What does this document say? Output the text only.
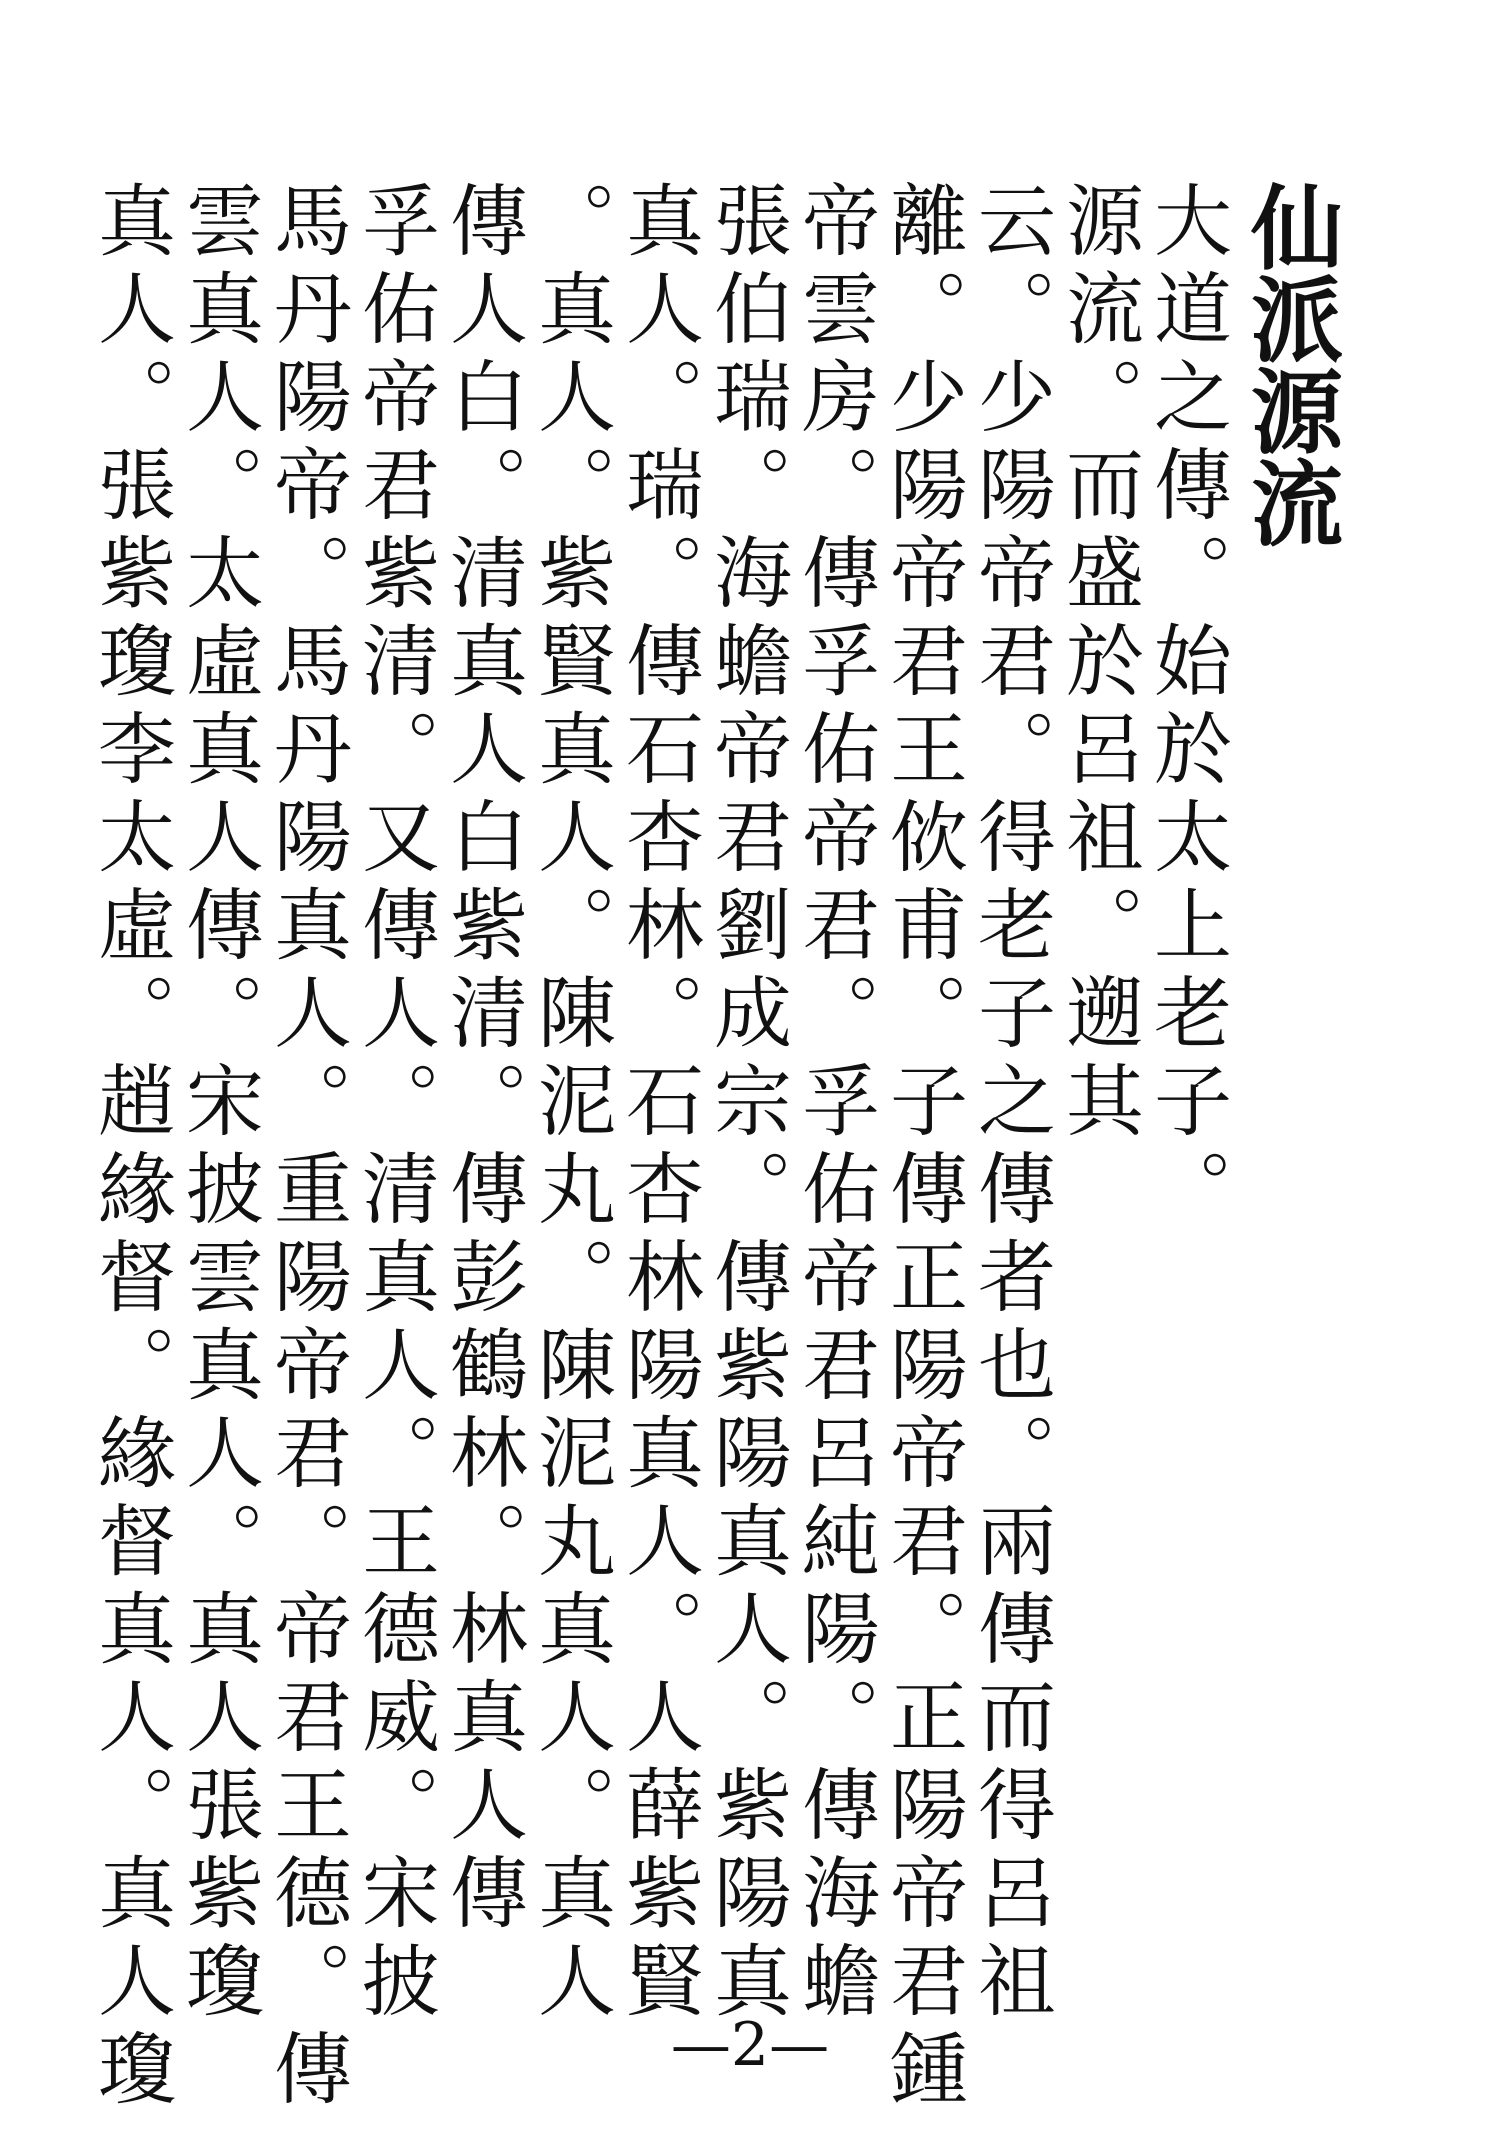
仙派源流
大道之傳。始於太上老子。
源流。而盛於呂祖。遡其
云。少陽帝君。得老子之傳者也。兩傳而得呂祖
離。少陽帝君王佽甫。子傳正陽帝君。正陽帝君鍾
帝雲房。傳孚佑帝君。孚佑帝君呂純陽。傳海蟾
張伯瑞。海蟾帝君劉成宗。傳紫陽真人。紫陽真
真人。瑞。傳石杏林。石杏林陽真人。人薛紫賢
。真人。紫賢真人。陳泥丸。陳泥丸真人。真人
傳人白。清真人白紫清。傳彭鶴林。林真人傳
孚佑帝君紫清。又傳人。清真人。王德威。宋披
馬丹陽帝。馬丹陽真人。重陽帝君。帝君王德。傳
雲真人。太虛真人傳。宋披雲真人。真人張紫瓊
真人。張紫瓊李太虛。趙緣督。緣督真人。真人瓊	—2—
